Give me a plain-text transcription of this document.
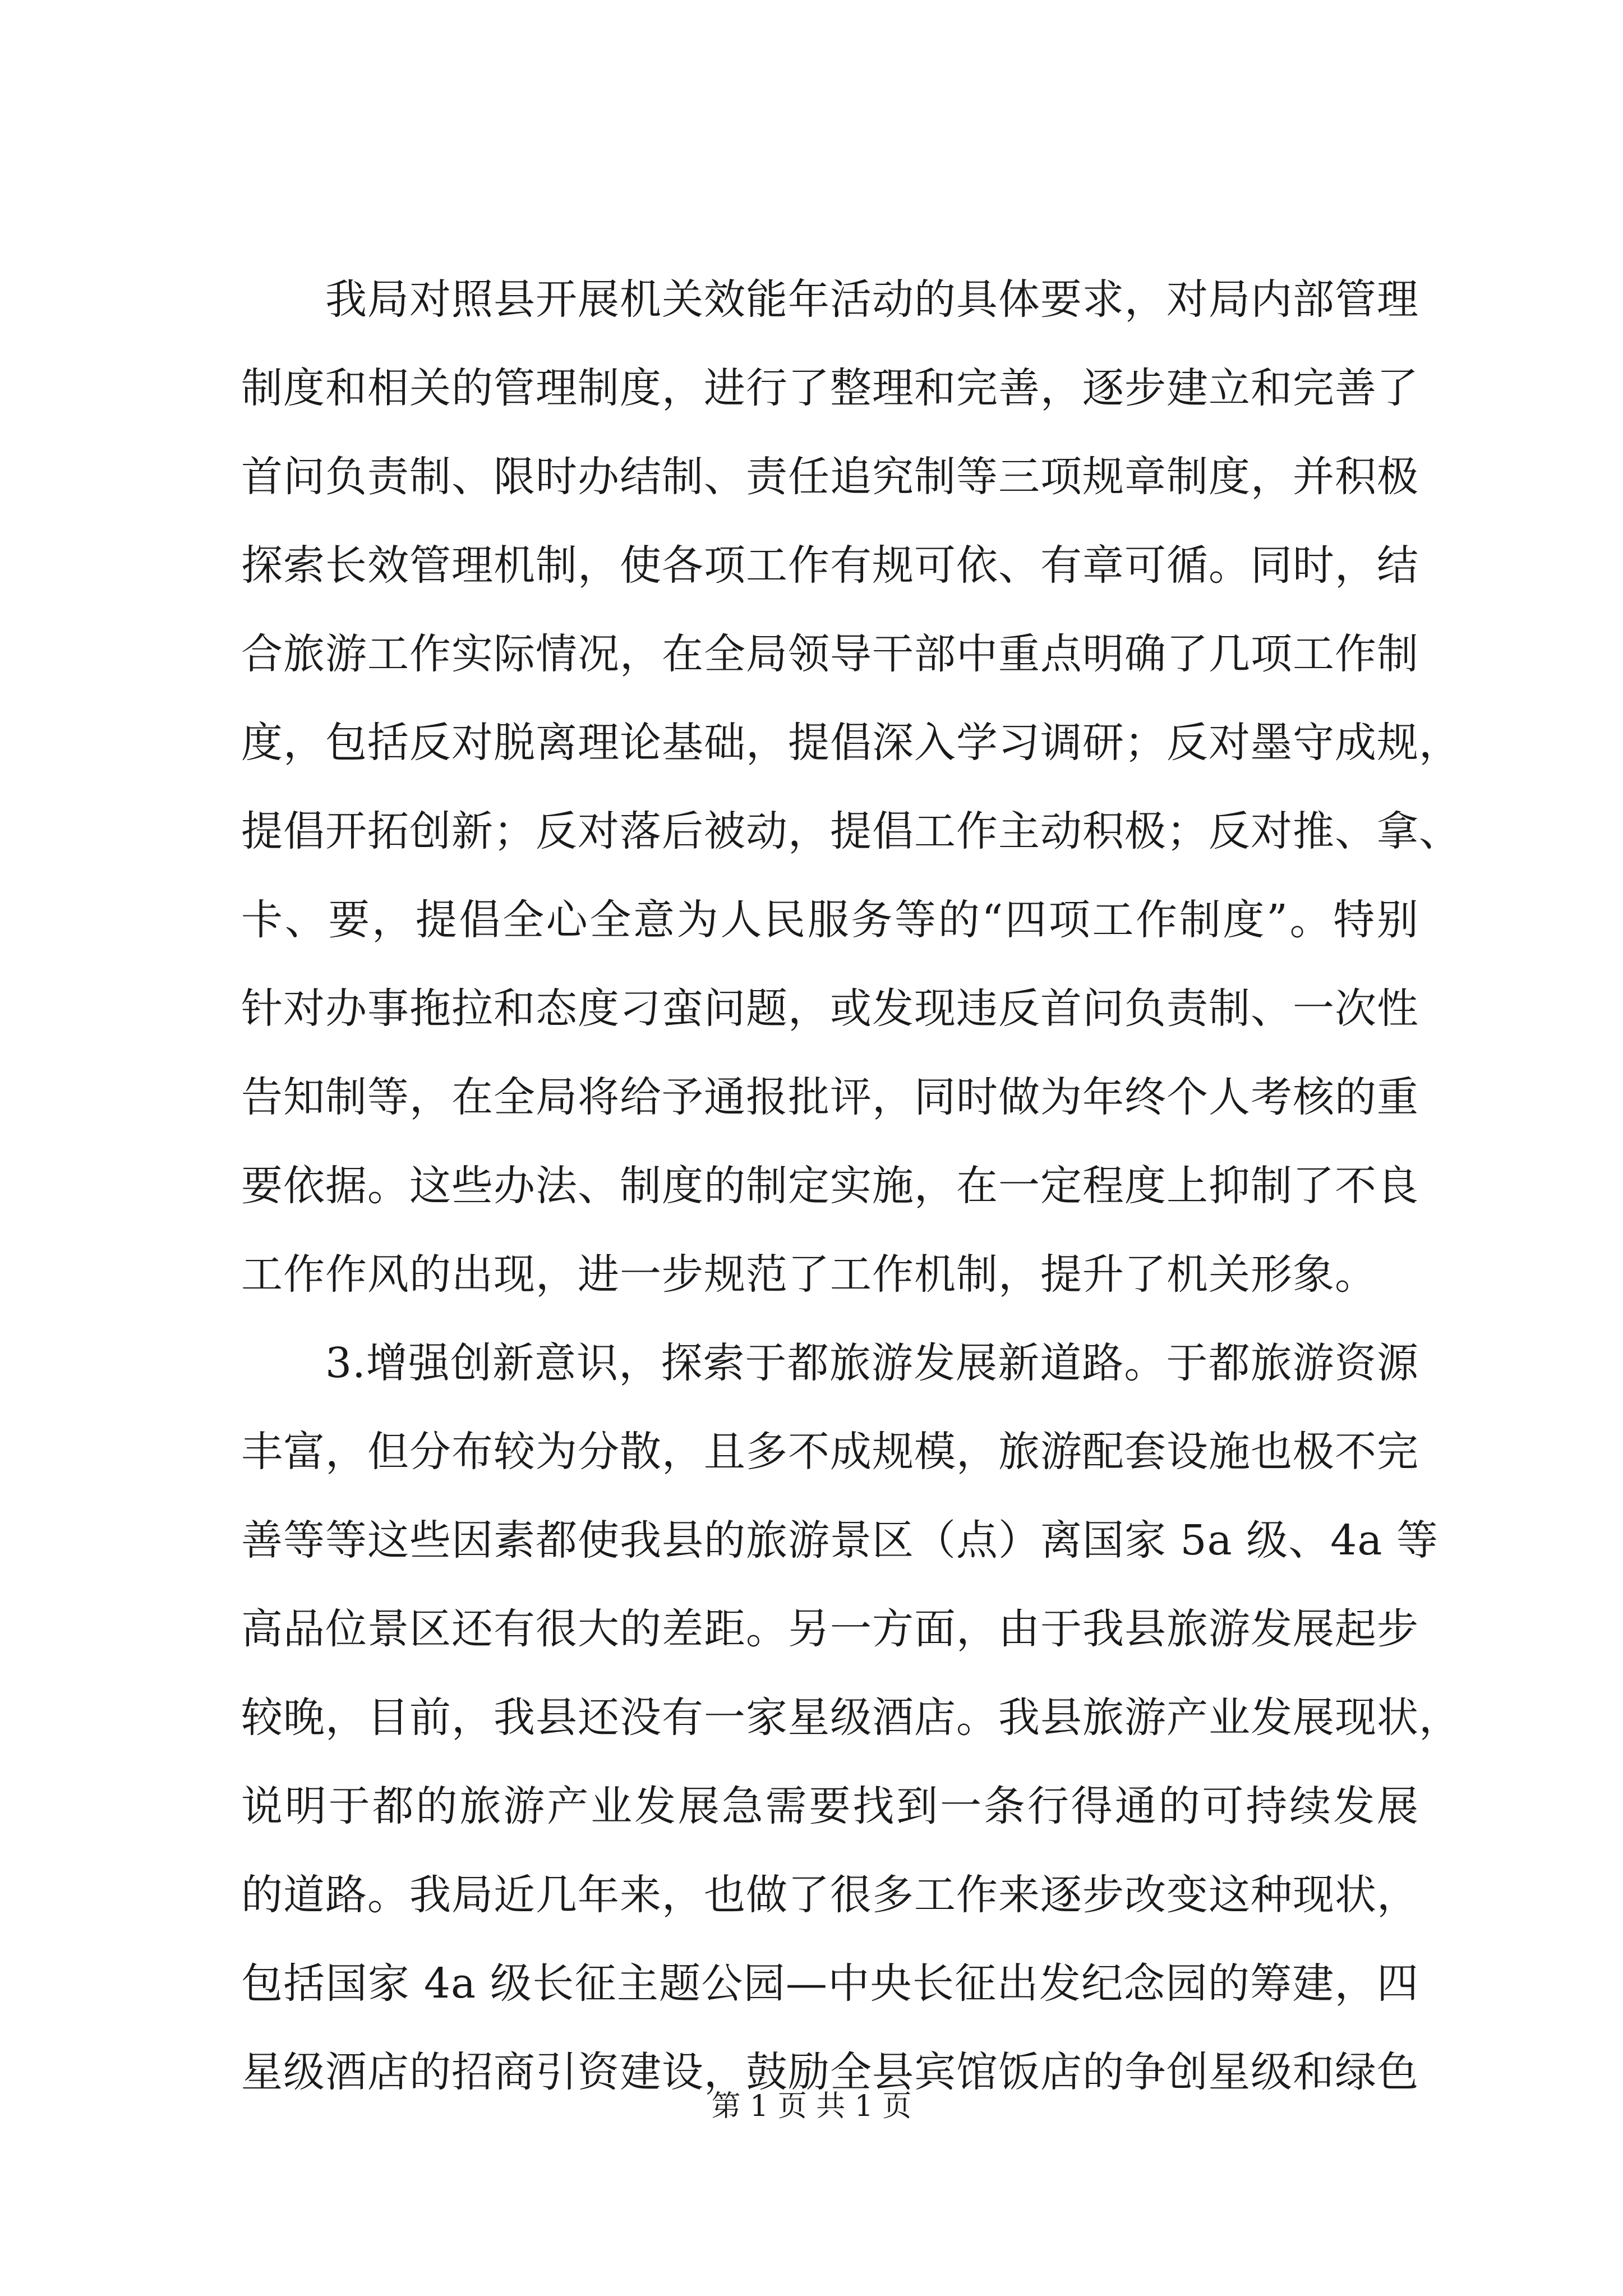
我局对照县开展机关效能年活动的具体要求，对局内部管理
制度和相关的管理制度，进行了整理和完善，逐步建立和完善了
首问负责制、限时办结制、责任追究制等三项规章制度，并积极
探索长效管理机制，使各项工作有规可依、有章可循。同时，结
合旅游工作实际情况，在全局领导干部中重点明确了几项工作制
度，包括反对脱离理论基础，提倡深入学习调研；反对墨守成规，
提倡开拓创新；反对落后被动，提倡工作主动积极；反对推、拿、
卡、要，提倡全心全意为人民服务等的“四项工作制度”。特别
针对办事拖拉和态度刁蛮问题，或发现违反首问负责制、一次性
告知制等，在全局将给予通报批评，同时做为年终个人考核的重
要依据。这些办法、制度的制定实施，在一定程度上抑制了不良
工作作风的出现，进一步规范了工作机制，提升了机关形象。
3.增强创新意识，探索于都旅游发展新道路。于都旅游资源
丰富，但分布较为分散，且多不成规模，旅游配套设施也极不完
善等等这些因素都使我县的旅游景区（点）离国家 5a 级、4a 等
高品位景区还有很大的差距。另一方面，由于我县旅游发展起步
较晚，目前，我县还没有一家星级酒店。我县旅游产业发展现状，
说明于都的旅游产业发展急需要找到一条行得通的可持续发展
的道路。我局近几年来，也做了很多工作来逐步改变这种现状，
包括国家 4a 级长征主题公园—中央长征出发纪念园的筹建，四
星级酒店的招商引资建设，鼓励全县宾馆饭店的争创星级和绿色
第 1 页 共 1 页
